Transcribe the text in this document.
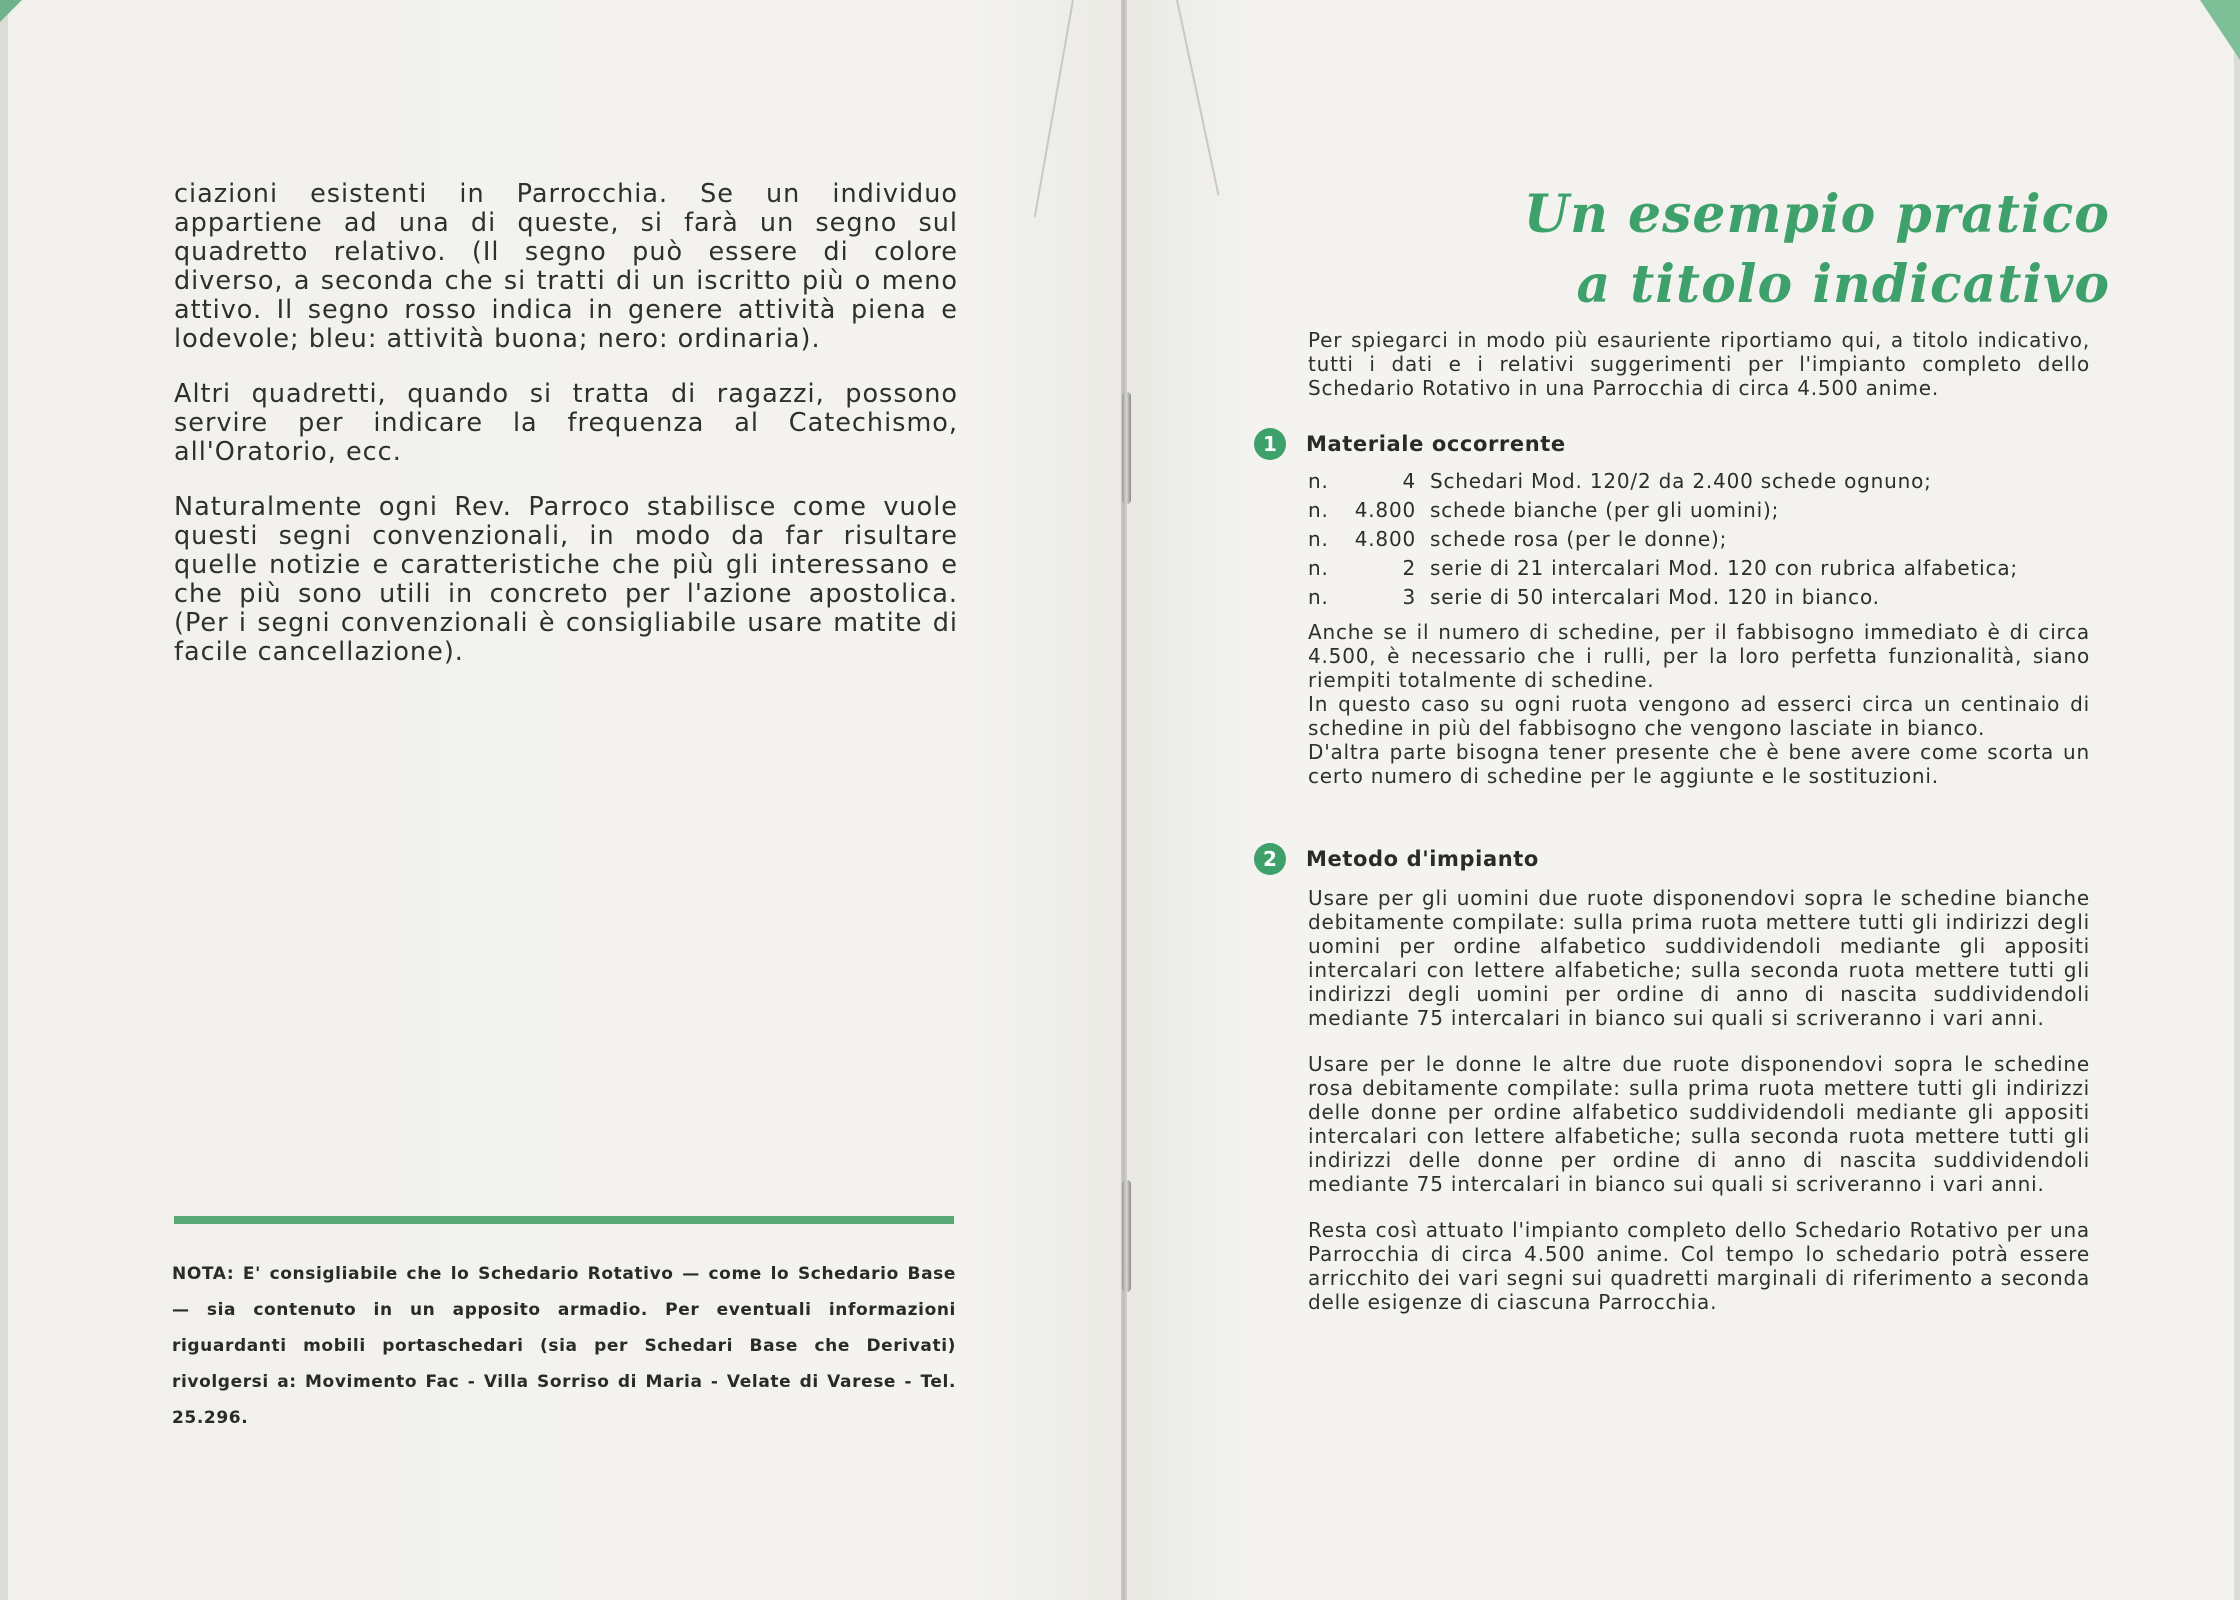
ciazioni esistenti in Parrocchia. Se un individuo appartiene ad una di queste, si farà un segno sul quadretto relativo. (Il segno può essere di colore diverso, a seconda che si tratti di un iscritto più o meno attivo. Il segno rosso indica in genere attività piena e lodevole; bleu: attività buona; nero: ordinaria).

Altri quadretti, quando si tratta di ragazzi, possono servire per indicare la frequenza al Catechismo, all'Oratorio, ecc.

Naturalmente ogni Rev. Parroco stabilisce come vuole questi segni convenzionali, in modo da far risultare quelle notizie e caratteristiche che più gli interessano e che più sono utili in concreto per l'azione apostolica. (Per i segni convenzionali è consigliabile usare matite di facile cancellazione).

NOTA: E' consigliabile che lo Schedario Rotativo — come lo Schedario Base — sia contenuto in un apposito armadio. Per eventuali informazioni riguardanti mobili portaschedari (sia per Schedari Base che Derivati) rivolgersi a: Movimento Fac - Villa Sorriso di Maria - Velate di Varese - Tel. 25.296.
Un esempio pratico
a titolo indicativo
Per spiegarci in modo più esauriente riportiamo qui, a titolo indicativo, tutti i dati e i relativi suggerimenti per l'impianto completo dello Schedario Rotativo in una Parrocchia di circa 4.500 anime.
1	Materiale occorrente
n.	4 Schedari Mod. 120/2 da 2.400 schede ognuno;
n.	4.800 schede bianche (per gli uomini);
n.	4.800 schede rosa (per le donne);
n.	2 serie di 21 intercalari Mod. 120 con rubrica alfabetica;
n.	3 serie di 50 intercalari Mod. 120 in bianco.

Anche se il numero di schedine, per il fabbisogno immediato è di circa 4.500, è necessario che i rulli, per la loro perfetta funzionalità, siano riempiti totalmente di schedine.

In questo caso su ogni ruota vengono ad esserci circa un centinaio di schedine in più del fabbisogno che vengono lasciate in bianco.

D'altra parte bisogna tener presente che è bene avere come scorta un certo numero di schedine per le aggiunte e le sostituzioni.

2	Metodo d'impianto

Usare per gli uomini due ruote disponendovi sopra le schedine bianche debitamente compilate: sulla prima ruota mettere tutti gli indirizzi degli uomini per ordine alfabetico suddividendoli mediante gli appositi intercalari con lettere alfabetiche; sulla seconda ruota mettere tutti gli indirizzi degli uomini per ordine di anno di nascita suddividendoli mediante 75 intercalari in bianco sui quali si scriveranno i vari anni.

Usare per le donne le altre due ruote disponendovi sopra le schedine rosa debitamente compilate: sulla prima ruota mettere tutti gli indirizzi delle donne per ordine alfabetico suddividendoli mediante gli appositi intercalari con lettere alfabetiche; sulla seconda ruota mettere tutti gli indirizzi delle donne per ordine di anno di nascita suddividendoli mediante 75 intercalari in bianco sui quali si scriveranno i vari anni.

Resta così attuato l'impianto completo dello Schedario Rotativo per una Parrocchia di circa 4.500 anime. Col tempo lo schedario potrà essere arricchito dei vari segni sui quadretti marginali di riferimento a seconda delle esigenze di ciascuna Parrocchia.
